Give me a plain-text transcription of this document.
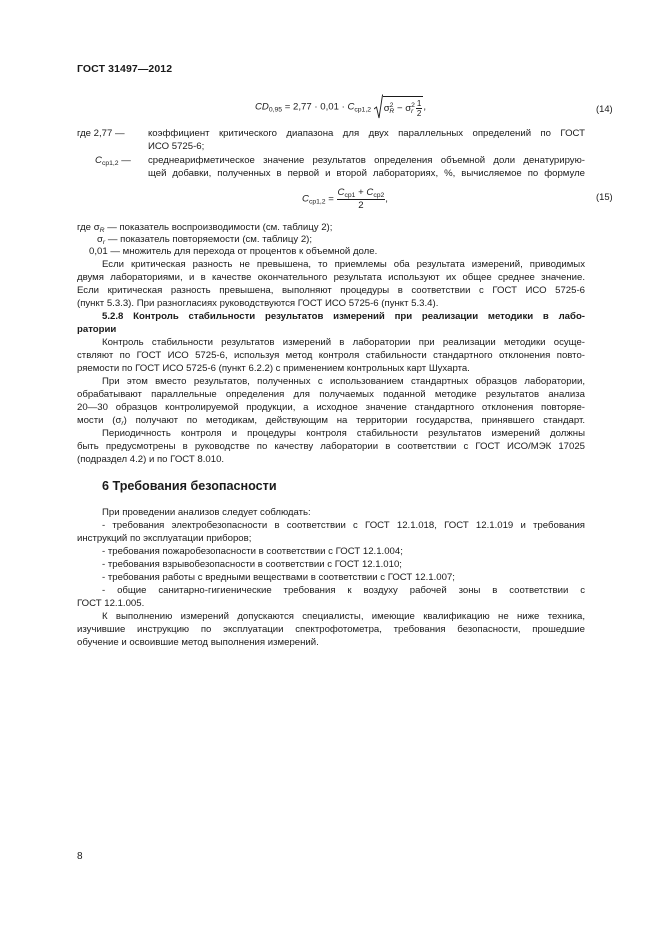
ГОСТ 31497—2012
$CD_{0,95} = 2,77 \cdot 0,01 \cdot C_{ср1,2}$ $\sigma^2_R - \sigma^2_r \frac{1}{2}$ ,	(14)
где 2,77 — коэффициент критического диапазона для двух параллельных определений по ГОСТ
ИСО 5725-6;
$C_{ср1,2}$ —	среднеарифметическое значение результатов определения объемной доли денатурирую-
щей добавки, полученных в первой и второй лабораториях, %, вычисляемое по формуле
$C_{ср1,2} = \frac{C_{ср1} + C_{ср2}}{2}$ ,	(15)
где $\sigma_R$ — показатель воспроизводимости (см. таблицу 2);
$\sigma_r$ — показатель повторяемости (см. таблицу 2);
0,01 — множитель для перехода от процентов к объемной доле.
Если критическая разность не превышена, то приемлемы оба результата измерений, приводимых
двумя лабораториями, и в качестве окончательного результата используют их общее среднее значение.
Если критическая разность превышена, выполняют процедуры в соответствии с ГОСТ ИСО 5725-6
(пункт 5.3.3). При разногласиях руководствуются ГОСТ ИСО 5725-6 (пункт 5.3.4).
5.2.8 Контроль стабильности результатов измерений при реализации методики в лабо-
ратории
Контроль стабильности результатов измерений в лаборатории при реализации методики осуще-
ствляют по ГОСТ ИСО 5725-6, используя метод контроля стабильности стандартного отклонения повто-
ряемости по ГОСТ ИСО 5725-6 (пункт 6.2.2) с применением контрольных карт Шухарта.
При этом вместо результатов, полученных с использованием стандартных образцов лаборатории,
обрабатывают параллельные определения для получаемых поданной методике результатов анализа
20—30 образцов контролируемой продукции, а исходное значение стандартного отклонения повторяе-
мости $(\sigma_r)$ получают по методикам, действующим на территории государства, принявшего стандарт.
Периодичность контроля и процедуры контроля стабильности результатов измерений должны
быть предусмотрены в руководстве по качеству лаборатории в соответствии с ГОСТ ИСО/МЭК 17025
(подраздел 4.2) и по ГОСТ 8.010.
6 Требования безопасности
При проведении анализов следует соблюдать:
- требования электробезопасности в соответствии с ГОСТ 12.1.018, ГОСТ 12.1.019 и требования
инструкций по эксплуатации приборов;
- требования пожаробезопасности в соответствии с ГОСТ 12.1.004;
- требования взрывобезопасности в соответствии с ГОСТ 12.1.010;
- требования работы с вредными веществами в соответствии с ГОСТ 12.1.007;
- общие санитарно-гигиенические требования к воздуху рабочей зоны в соответствии с
ГОСТ 12.1.005.
К выполнению измерений допускаются специалисты, имеющие квалификацию не ниже техника,
изучившие инструкцию по эксплуатации спектрофотометра, требования безопасности, прошедшие
обучение и освоившие метод выполнения измерений.
8
